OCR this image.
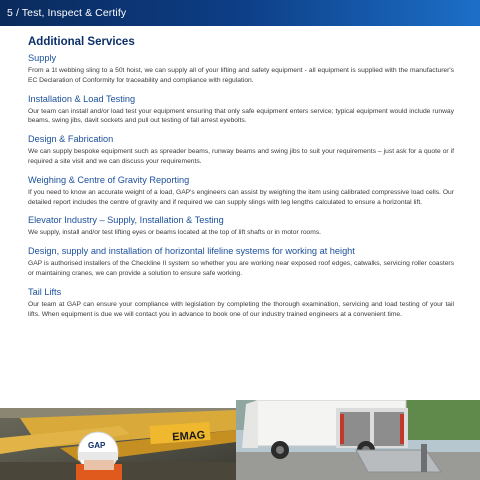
5 / Test, Inspect & Certify
Additional Services
Supply

From a 1t webbing sling to a 50t hoist, we can supply all of your lifting and safety equipment - all equipment is supplied with the manufacturer's EC Declaration of Conformity for traceability and compliance with regulation.

Installation & Load Testing

Our team can install and/or load test your equipment ensuring that only safe equipment enters service; typical equipment would include runway beams, swing jibs, davit sockets and pull out testing of fall arrest eyebolts.

Design & Fabrication

We can supply bespoke equipment such as spreader beams, runway beams and swing jibs to suit your requirements – just ask for a quote or if required a site visit and we can discuss your requirements.

Weighing & Centre of Gravity Reporting

If you need to know an accurate weight of a load, GAP's engineers can assist by weighing the item using calibrated compressive load cells. Our detailed report includes the centre of gravity and if required we can supply slings with leg lengths calculated to ensure a horizontal lift.

Elevator Industry – Supply, Installation & Testing

We supply, install and/or test lifting eyes or beams located at the top of lift shafts or in motor rooms.

Design, supply and installation of horizontal lifeline systems for working at height

GAP is authorised installers of the Checkline II system so whether you are working near exposed roof edges, catwalks, servicing roller coasters or maintaining cranes, we can provide a solution to ensure safe working.

Tail Lifts

Our team at GAP can ensure your compliance with legislation by completing the thorough examination, servicing and load testing of your tail lifts. When equipment is due we will contact you in advance to book one of our industry trained engineers at a convenient time.

EMAG
GAP
